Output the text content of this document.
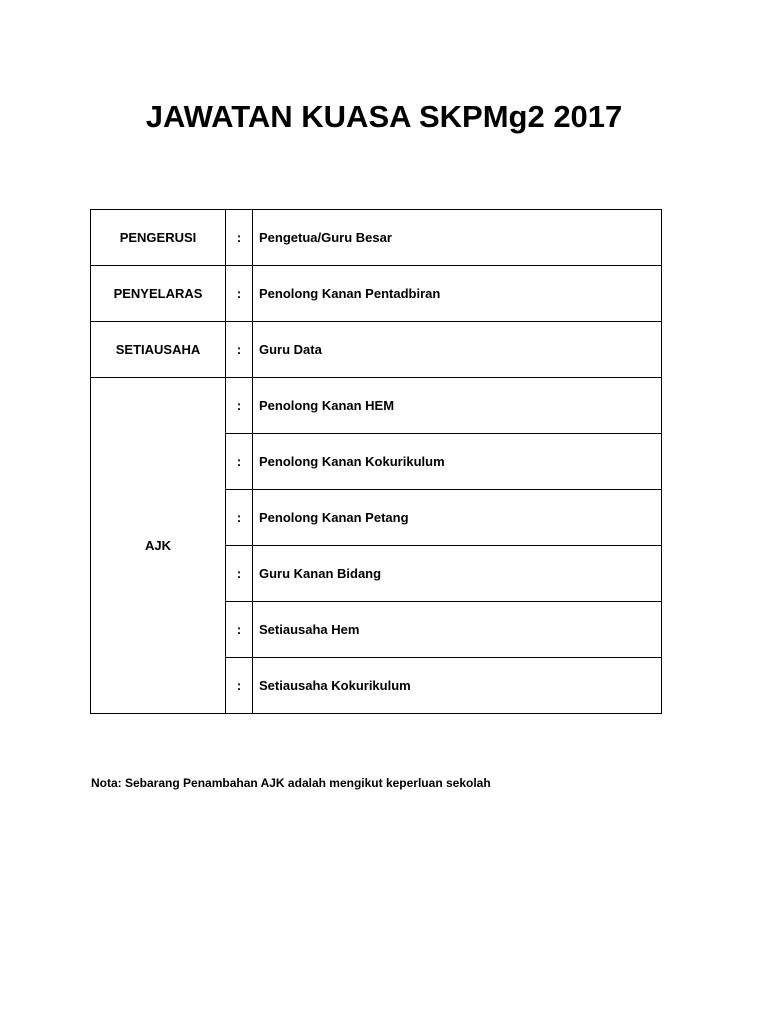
JAWATAN KUASA SKPMg2 2017
PENGERUSI	:	Pengetua/Guru Besar
PENYELARAS	:	Penolong Kanan Pentadbiran
SETIAUSAHA	:	Guru Data
AJK	:	Penolong Kanan HEM
	:	Penolong Kanan Kokurikulum
	:	Penolong Kanan Petang
	:	Guru Kanan Bidang
	:	Setiausaha Hem
	:	Setiausaha Kokurikulum

Nota: Sebarang Penambahan AJK adalah mengikut keperluan sekolah
